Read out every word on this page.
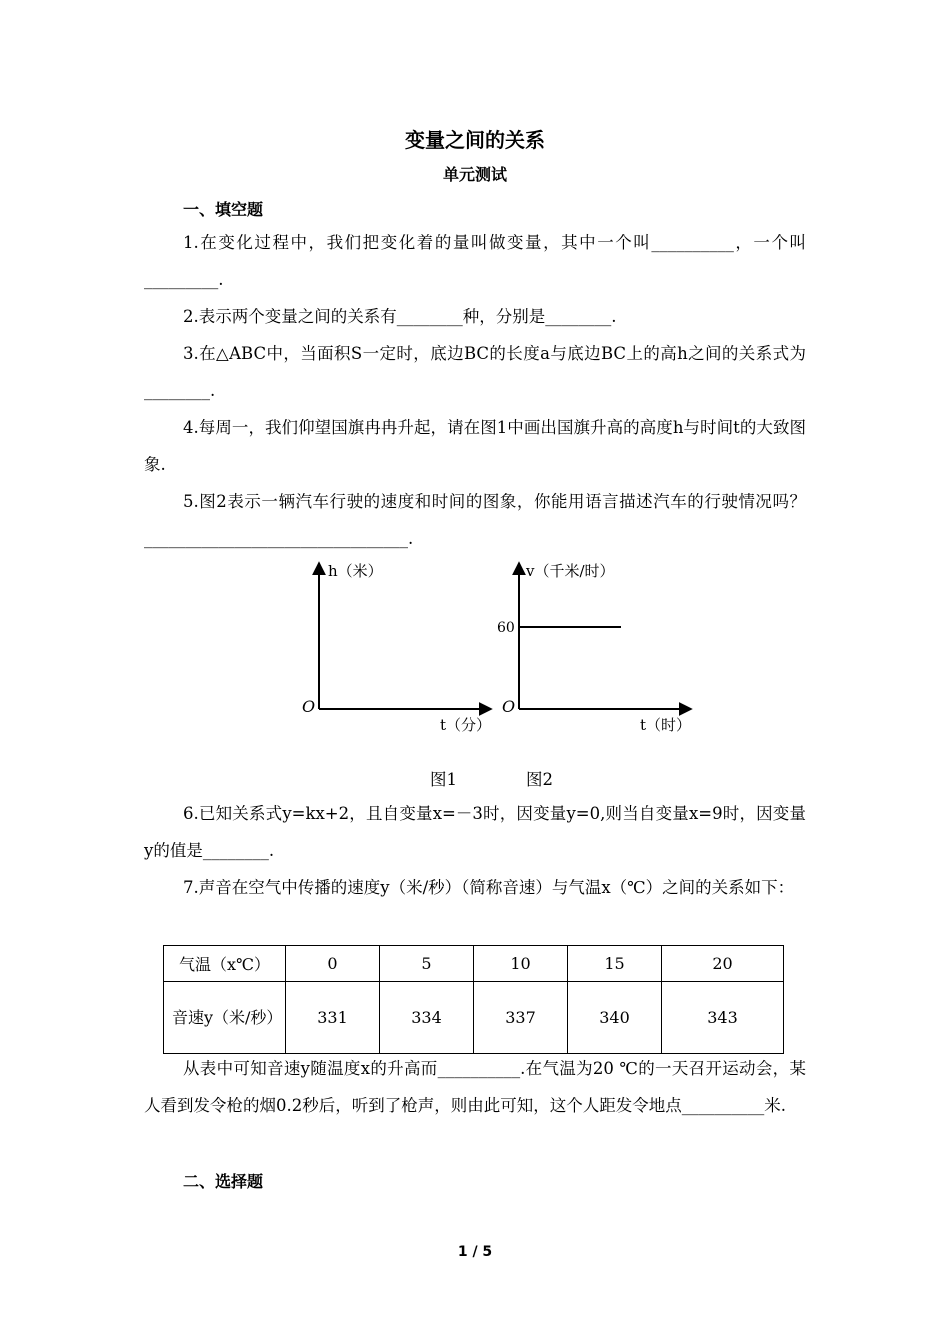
变量之间的关系
单元测试
一、填空题

1.在变化过程中，我们把变化着的量叫做变量，其中一个叫__________，一个叫_________.

2.表示两个变量之间的关系有________种，分别是________.

3.在△ABC中，当面积S一定时，底边BC的长度a与底边BC上的高h之间的关系式为________.

4.每周一，我们仰望国旗冉冉升起，请在图1中画出国旗升高的高度h与时间t的大致图象.

5.图2表示一辆汽车行驶的速度和时间的图象，你能用语言描述汽车的行驶情况吗？________________________________.

h（米）
t（分）
O
v（千米/时）
t（时）
60
O
图1	图2

6.已知关系式y=kx+2，且自变量x=－3时，因变量y=0,则当自变量x=9时，因变量y的值是________.

7.声音在空气中传播的速度y（米/秒）（简称音速）与气温x（℃）之间的关系如下：

气温（x℃）	0	5	10	15	20
音速y（米/秒）	331	334	337	340	343

从表中可知音速y随温度x的升高而__________.在气温为20 ℃的一天召开运动会，某人看到发令枪的烟0.2秒后，听到了枪声，则由此可知，这个人距发令地点__________米.

二、选择题
1 / 5
